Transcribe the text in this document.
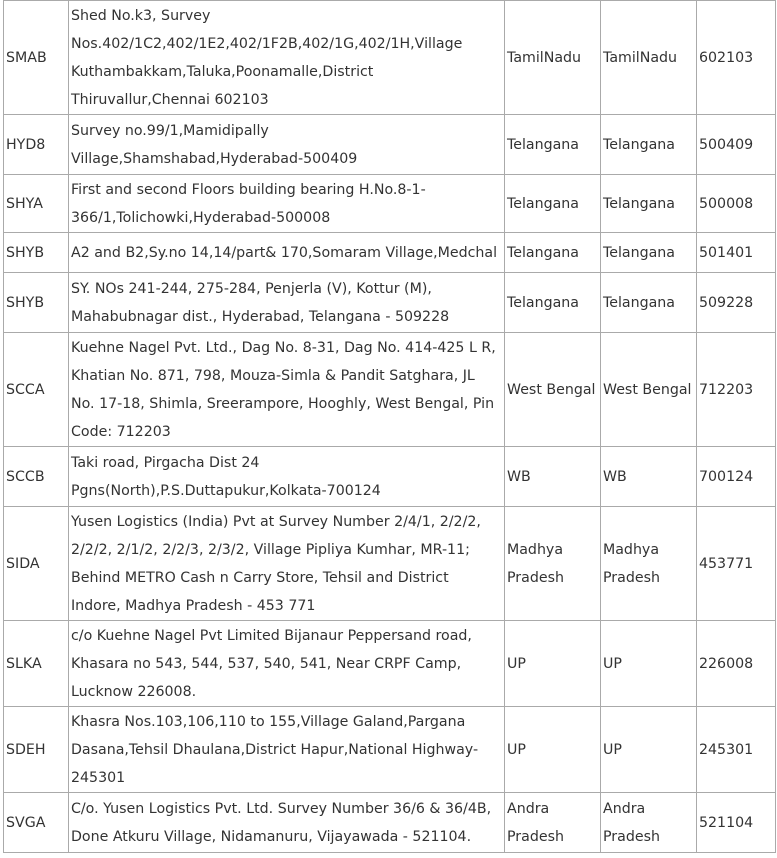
SMAB	Shed No.k3, Survey Nos.402/1C2,402/1E2,402/1F2B,402/1G,402/1H,Village Kuthambakkam,Taluka,Poonamalle,District Thiruvallur,Chennai 602103	TamilNadu	TamilNadu	602103
HYD8	Survey no.99/1,Mamidipally Village,Shamshabad,Hyderabad-500409	Telangana	Telangana	500409
SHYA	First and second Floors building bearing H.No.8-1-366/1,Tolichowki,Hyderabad-500008	Telangana	Telangana	500008
SHYB	A2 and B2,Sy.no 14,14/part& 170,Somaram Village,Medchal	Telangana	Telangana	501401
SHYB	SY. NOs 241-244, 275-284, Penjerla (V), Kottur (M), Mahabubnagar dist., Hyderabad, Telangana - 509228	Telangana	Telangana	509228
SCCA	Kuehne Nagel Pvt. Ltd., Dag No. 8-31, Dag No. 414-425 L R, Khatian No. 871, 798, Mouza-Simla & Pandit Satghara, JL No. 17-18, Shimla, Sreerampore, Hooghly, West Bengal, Pin Code: 712203	West Bengal	West Bengal	712203
SCCB	Taki road, Pirgacha Dist 24 Pgns(North),P.S.Duttapukur,Kolkata-700124	WB	WB	700124
SIDA	Yusen Logistics (India) Pvt at Survey Number 2/4/1, 2/2/2, 2/2/2, 2/1/2, 2/2/3, 2/3/2, Village Pipliya Kumhar, MR-11; Behind METRO Cash n Carry Store, Tehsil and District Indore, Madhya Pradesh - 453 771	Madhya Pradesh	Madhya Pradesh	453771
SLKA	c/o Kuehne Nagel Pvt Limited Bijanaur Peppersand road, Khasara no 543, 544, 537, 540, 541, Near CRPF Camp, Lucknow 226008.	UP	UP	226008
SDEH	Khasra Nos.103,106,110 to 155,Village Galand,Pargana Dasana,Tehsil Dhaulana,District Hapur,National Highway-245301	UP	UP	245301
SVGA	C/o. Yusen Logistics Pvt. Ltd. Survey Number 36/6 & 36/4B, Done Atkuru Village, Nidamanuru, Vijayawada - 521104.	Andra Pradesh	Andra Pradesh	521104
